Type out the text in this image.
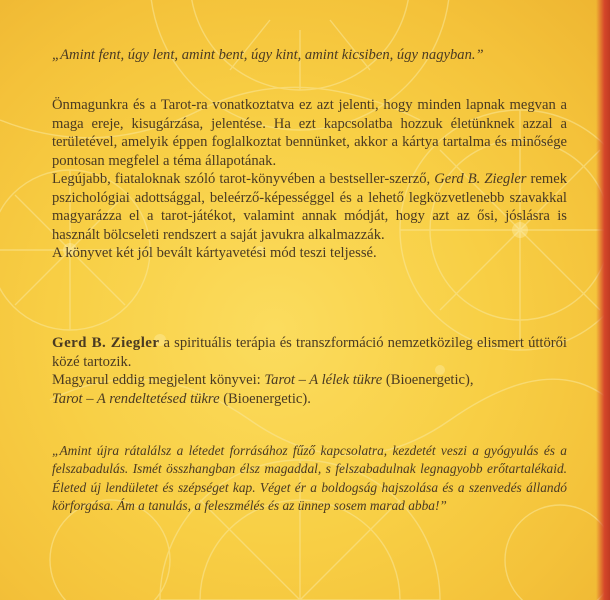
„Amint fent, úgy lent, amint bent, úgy kint, amint kicsiben, úgy nagyban.”

Önmagunkra és a Tarot-ra vonatkoztatva ez azt jelenti, hogy minden lapnak megvan a maga ereje, kisugárzása, jelentése. Ha ezt kapcsolatba hozzuk életünknek azzal a területével, amelyik éppen foglalkoztat bennünket, akkor a kártya tartalma és minősége pontosan megfelel a téma állapotának.

Legújabb, fiataloknak szóló tarot-könyvében a bestseller-szerző, Gerd B. Ziegler remek pszichológiai adottsággal, beleérző-képességgel és a lehető legközvetlenebb szavakkal magyarázza el a tarot-játékot, valamint annak módját, hogy azt az ősi, jóslásra is használt bölcseleti rendszert a saját javukra alkalmazzák.

A könyvet két jól bevált kártyavetési mód teszi teljessé.

Gerd B. Ziegler a spirituális terápia és transzformáció nemzetközileg elismert úttörői közé tartozik.

Magyarul eddig megjelent könyvei: Tarot – A lélek tükre (Bioenergetic),
Tarot – A rendeltetésed tükre (Bioenergetic).

„Amint újra rátalálsz a létedet forrásához fűző kapcsolatra, kezdetét veszi a gyógyulás és a felszabadulás. Ismét összhangban élsz magaddal, s felszabadulnak legnagyobb erőtartalékaid. Életed új lendületet és szépséget kap. Véget ér a boldogság hajszolása és a szenvedés állandó körforgása. Ám a tanulás, a feleszmélés és az ünnep sosem marad abba!”
